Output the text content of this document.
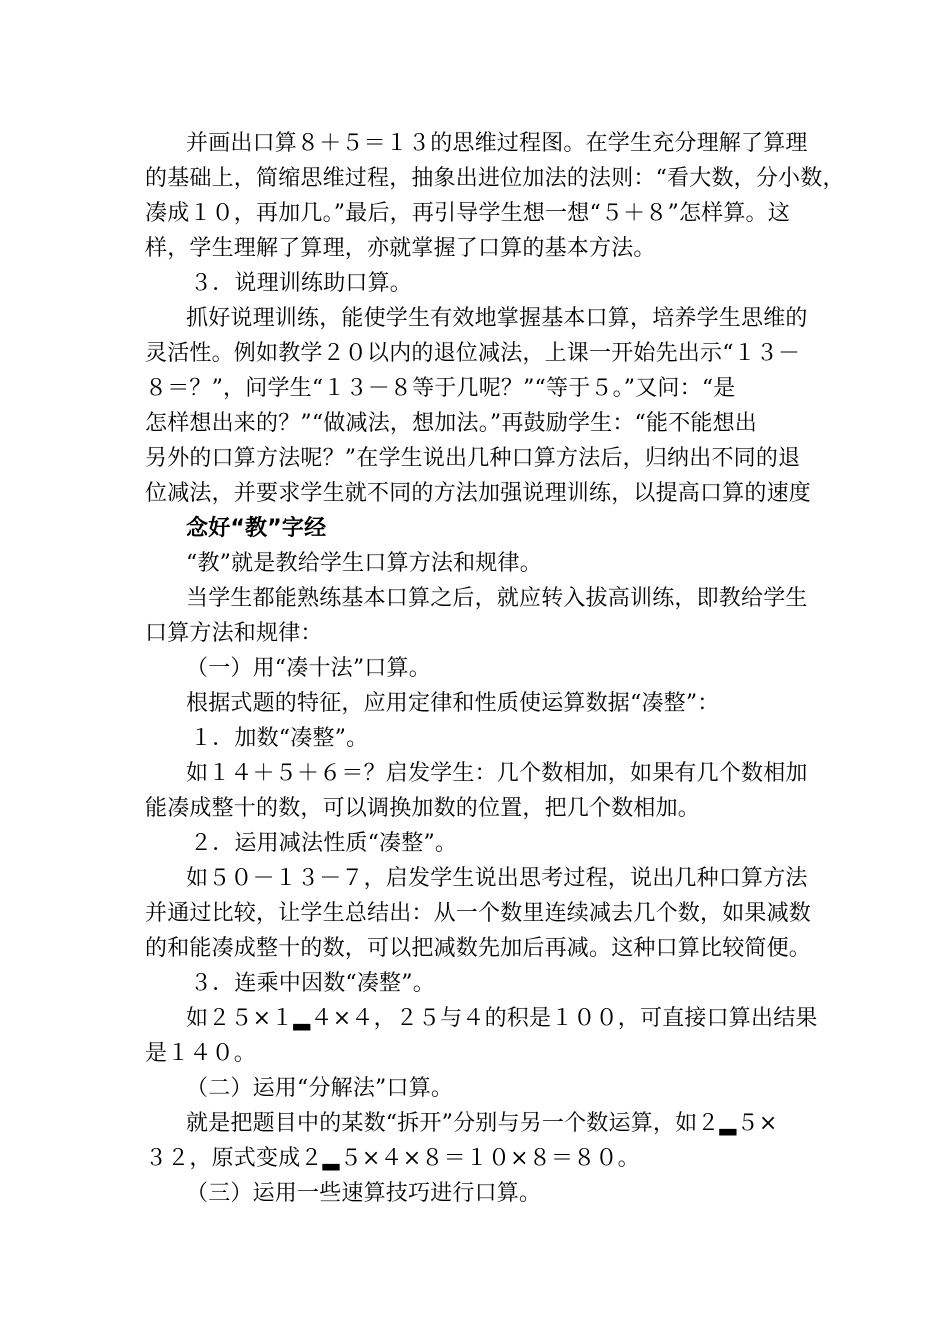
并画出口算８＋５＝１３的思维过程图。在学生充分理解了算理
的基础上，简缩思维过程，抽象出进位加法的法则：“看大数，分小数，
凑成１０，再加几。”最后，再引导学生想一想“５＋８”怎样算。这
样，学生理解了算理，亦就掌握了口算的基本方法。
３．说理训练助口算。
抓好说理训练，能使学生有效地掌握基本口算，培养学生思维的
灵活性。例如教学２０以内的退位减法，上课一开始先出示“１３－
８＝？”，问学生“１３－８等于几呢？”“等于５。”又问：“是
怎样想出来的？”“做减法，想加法。”再鼓励学生：“能不能想出
另外的口算方法呢？”在学生说出几种口算方法后，归纳出不同的退
位减法，并要求学生就不同的方法加强说理训练，以提高口算的速度
念好“教”字经
“教”就是教给学生口算方法和规律。
当学生都能熟练基本口算之后，就应转入拔高训练，即教给学生
口算方法和规律：
（一）用“凑十法”口算。
根据式题的特征，应用定律和性质使运算数据“凑整”：
１．加数“凑整”。
如１４＋５＋６＝？启发学生：几个数相加，如果有几个数相加
能凑成整十的数，可以调换加数的位置，把几个数相加。
２．运用减法性质“凑整”。
如５０－１３－７，启发学生说出思考过程，说出几种口算方法
并通过比较，让学生总结出：从一个数里连续减去几个数，如果减数
的和能凑成整十的数，可以把减数先加后再减。这种口算比较简便。
３．连乘中因数“凑整”。
如２５×１▂４×４，２５与４的积是１００，可直接口算出结果
是１４０。
（二）运用“分解法”口算。
就是把题目中的某数“拆开”分别与另一个数运算，如２▂５×
３２，原式变成２▂５×４×８＝１０×８＝８０。
（三）运用一些速算技巧进行口算。
